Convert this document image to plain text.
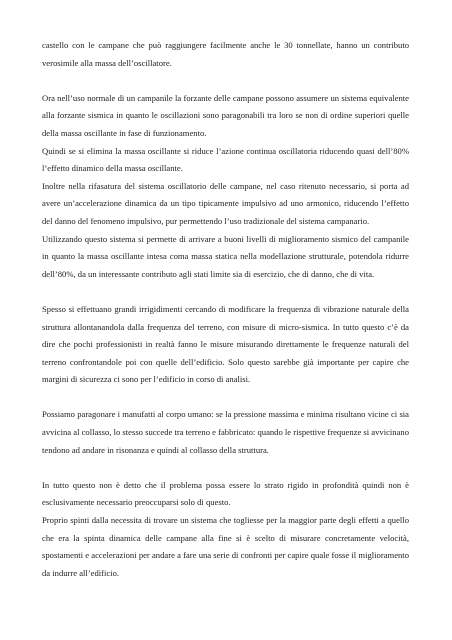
castello con le campane che può raggiungere facilmente anche le 30 tonnellate, hanno un contributo verosimile alla massa dell’oscillatore.

Ora nell’uso normale di un campanile la forzante delle campane possono assumere un sistema equivalente alla forzante sismica in quanto le oscillazioni sono paragonabili tra loro se non di ordine superiori quelle della massa oscillante in fase di funzionamento.

Quindi se si elimina la massa oscillante si riduce l’azione continua oscillatoria riducendo quasi dell’80% l’effetto dinamico della massa oscillante.

Inoltre nella rifasatura del sistema oscillatorio delle campane, nel caso ritenuto necessario, si porta ad avere un’accelerazione dinamica da un tipo tipicamente impulsivo ad uno armonico, riducendo l’effetto del danno del fenomeno impulsivo, pur permettendo l’uso tradizionale del sistema campanario.

Utilizzando questo sistema si permette di arrivare a buoni livelli di miglioramento sismico del campanile in quanto la massa oscillante intesa coma massa statica nella modellazione strutturale, potendola ridurre dell’80%, da un interessante contributo agli stati limite sia di esercizio, che di danno, che di vita.

Spesso si effettuano grandi irrigidimenti cercando di modificare la frequenza di vibrazione naturale della struttura allontanandola dalla frequenza del terreno, con misure di micro-sismica. In tutto questo c’è da dire che pochi professionisti in realtà fanno le misure misurando direttamente le frequenze naturali del terreno confrontandole poi con quelle dell’edificio. Solo questo sarebbe già importante per capire che margini di sicurezza ci sono per l’edificio in corso di analisi.

Possiamo paragonare i manufatti al corpo umano: se la pressione massima e minima risultano vicine ci sia avvicina al collasso, lo stesso succede tra terreno e fabbricato: quando le rispettive frequenze si avvicinano tendono ad andare in risonanza e quindi al collasso della struttura.

In tutto questo non è detto che il problema possa essere lo strato rigido in profondità quindi non è esclusivamente necessario preoccuparsi solo di questo.

Proprio spinti dalla necessita di trovare un sistema che togliesse per la maggior parte degli effetti a quello che era la spinta dinamica delle campane alla fine si è scelto di misurare concretamente velocità, spostamenti e accelerazioni per andare a fare una serie di confronti per capire quale fosse il miglioramento da indurre all’edificio.
